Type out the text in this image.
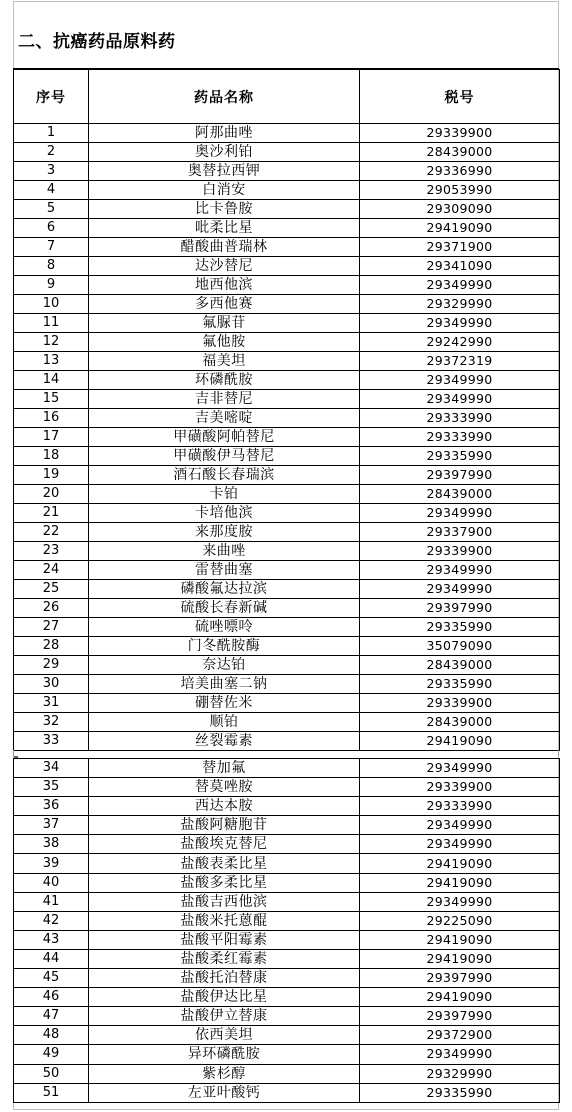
二、抗癌药品原料药
序号	药品名称	税号
1	阿那曲唑	29339900
2	奥沙利铂	28439000
3	奥替拉西钾	29336990
4	白消安	29053990
5	比卡鲁胺	29309090
6	吡柔比星	29419090
7	醋酸曲普瑞林	29371900
8	达沙替尼	29341090
9	地西他滨	29349990
10	多西他赛	29329990
11	氟脲苷	29349990
12	氟他胺	29242990
13	福美坦	29372319
14	环磷酰胺	29349990
15	吉非替尼	29349990
16	吉美嘧啶	29333990
17	甲磺酸阿帕替尼	29333990
18	甲磺酸伊马替尼	29335990
19	酒石酸长春瑞滨	29397990
20	卡铂	28439000
21	卡培他滨	29349990
22	来那度胺	29337900
23	来曲唑	29339900
24	雷替曲塞	29349990
25	磷酸氟达拉滨	29349990
26	硫酸长春新碱	29397990
27	硫唑嘌呤	29335990
28	门冬酰胺酶	35079090
29	奈达铂	28439000
30	培美曲塞二钠	29335990
31	硼替佐米	29339900
32	顺铂	28439000
33	丝裂霉素	29419090
34	替加氟	29349990
35	替莫唑胺	29339900
36	西达本胺	29333990
37	盐酸阿糖胞苷	29349990
38	盐酸埃克替尼	29349990
39	盐酸表柔比星	29419090
40	盐酸多柔比星	29419090
41	盐酸吉西他滨	29349990
42	盐酸米托蒽醌	29225090
43	盐酸平阳霉素	29419090
44	盐酸柔红霉素	29419090
45	盐酸托泊替康	29397990
46	盐酸伊达比星	29419090
47	盐酸伊立替康	29397990
48	依西美坦	29372900
49	异环磷酰胺	29349990
50	紫杉醇	29329990
51	左亚叶酸钙	29335990
